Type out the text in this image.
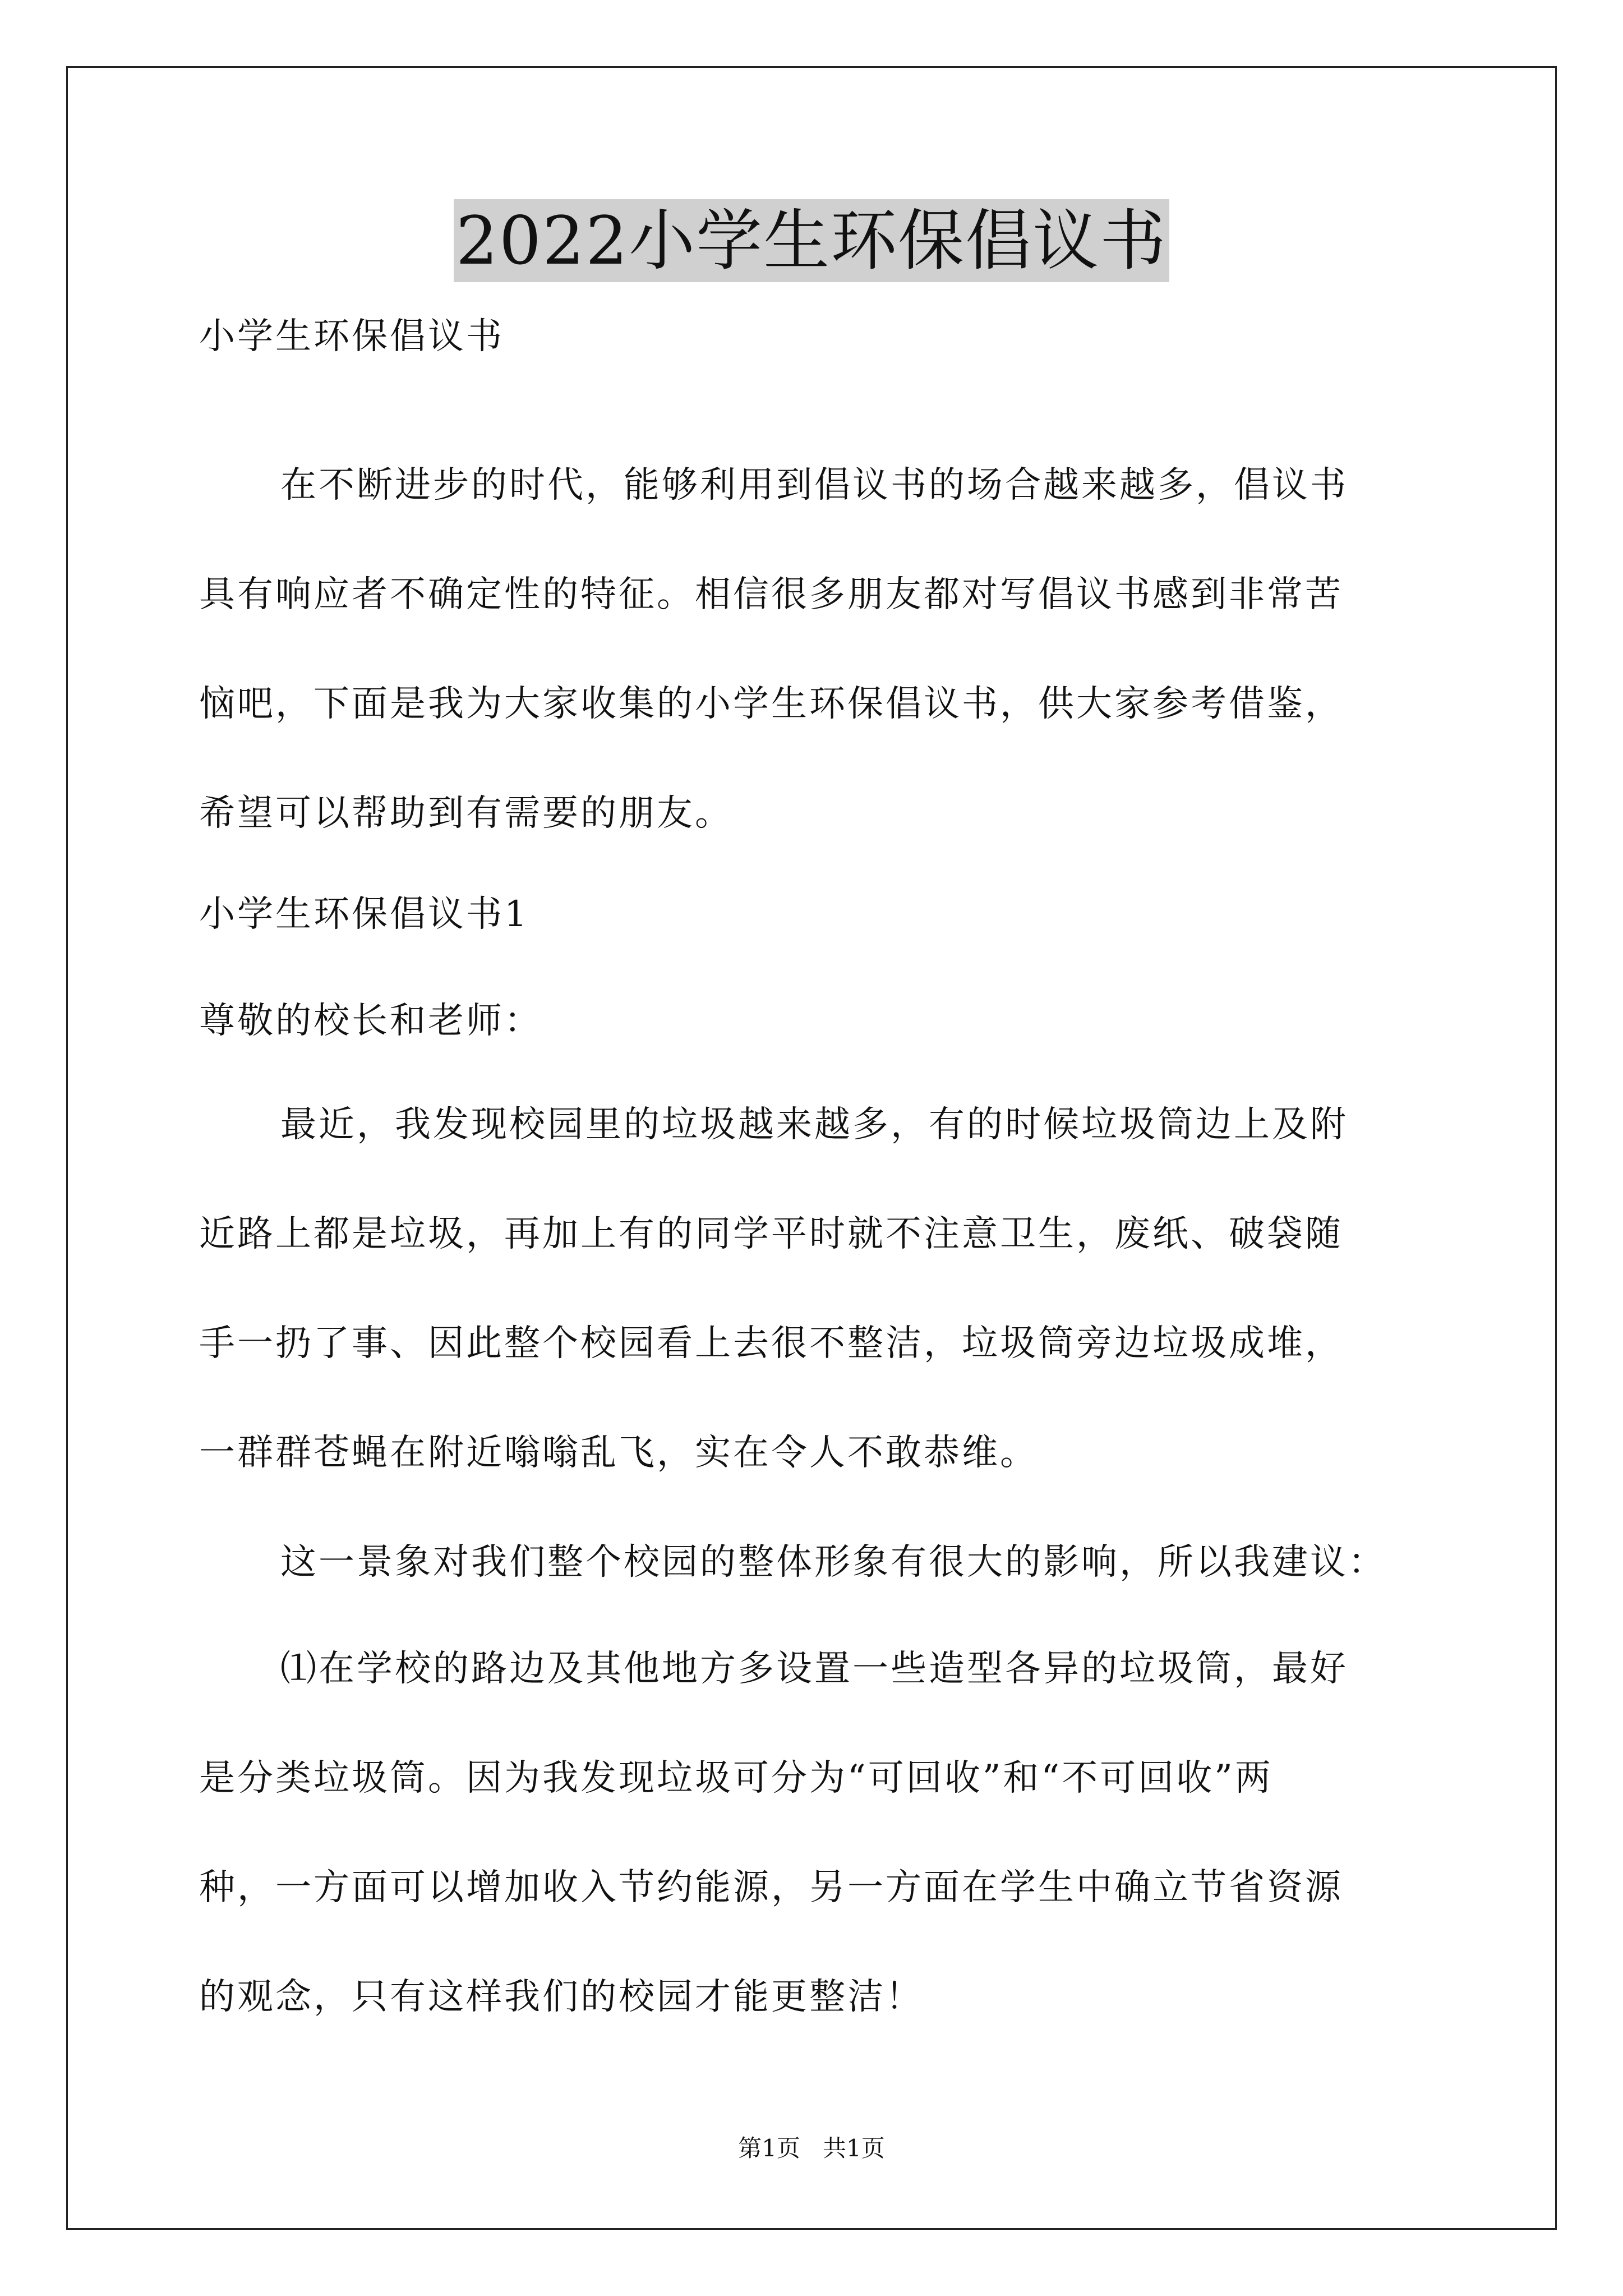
2022小学生环保倡议书
小学生环保倡议书
在不断进步的时代，能够利用到倡议书的场合越来越多，倡议书
具有响应者不确定性的特征。相信很多朋友都对写倡议书感到非常苦
恼吧，下面是我为大家收集的小学生环保倡议书，供大家参考借鉴，
希望可以帮助到有需要的朋友。
小学生环保倡议书1
尊敬的校长和老师：
最近，我发现校园里的垃圾越来越多，有的时候垃圾筒边上及附
近路上都是垃圾，再加上有的同学平时就不注意卫生，废纸、破袋随
手一扔了事、因此整个校园看上去很不整洁，垃圾筒旁边垃圾成堆，
一群群苍蝇在附近嗡嗡乱飞，实在令人不敢恭维。
这一景象对我们整个校园的整体形象有很大的影响，所以我建议：
⑴在学校的路边及其他地方多设置一些造型各异的垃圾筒，最好
是分类垃圾筒。因为我发现垃圾可分为“可回收”和“不可回收”两
种，一方面可以增加收入节约能源，另一方面在学生中确立节省资源
的观念，只有这样我们的校园才能更整洁！
第1页   共1页
